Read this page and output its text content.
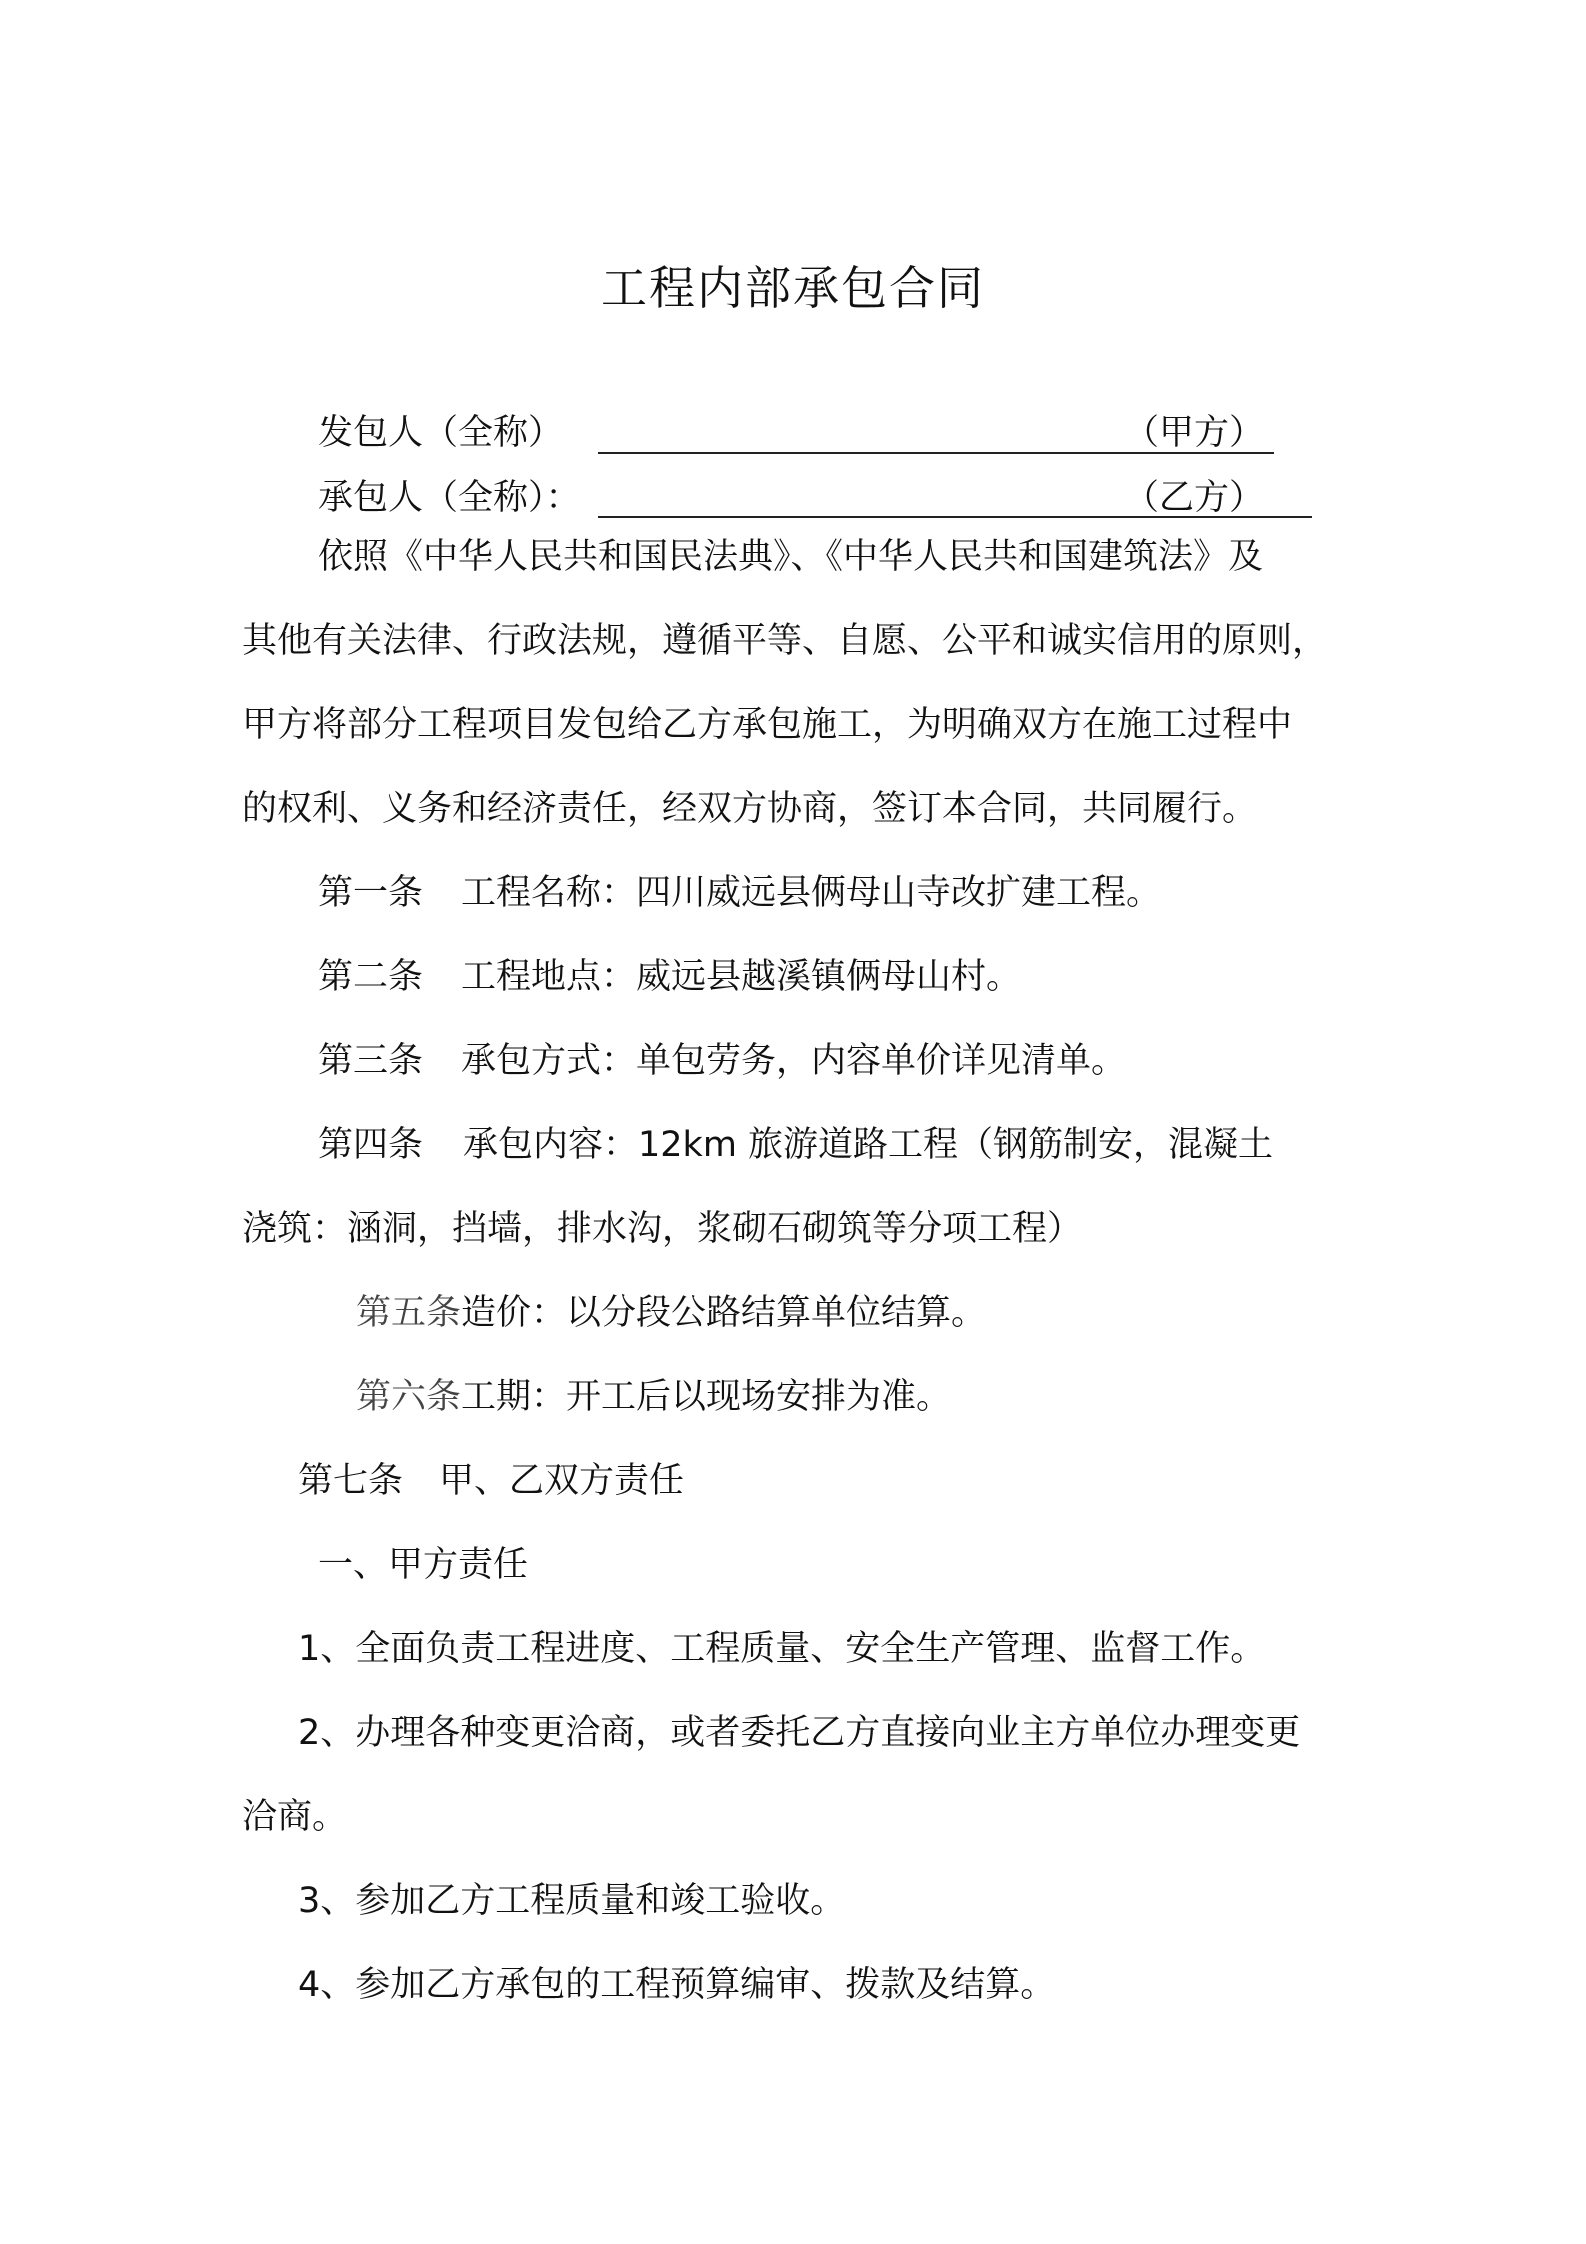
工程内部承包合同
发包人（全称）	（甲方）
承包人（全称）：	（乙方）
依照《中华人民共和国民法典》、《中华人民共和国建筑法》及
其他有关法律、行政法规，遵循平等、自愿、公平和诚实信用的原则，
甲方将部分工程项目发包给乙方承包施工，为明确双方在施工过程中
的权利、义务和经济责任，经双方协商，签订本合同，共同履行。
第一条 工程名称：四川威远县俩母山寺改扩建工程。
第二条 工程地点：威远县越溪镇俩母山村。
第三条 承包方式：单包劳务，内容单价详见清单。
第四条 承包内容：12km 旅游道路工程（钢筋制安，混凝土
浇筑：涵洞，挡墙，排水沟，浆砌石砌筑等分项工程）
第五条造价：以分段公路结算单位结算。
第六条工期：开工后以现场安排为准。
第七条 甲、乙双方责任
一、甲方责任
1、全面负责工程进度、工程质量、安全生产管理、监督工作。
2、办理各种变更洽商，或者委托乙方直接向业主方单位办理变更
洽商。
3、参加乙方工程质量和竣工验收。
4、参加乙方承包的工程预算编审、拨款及结算。
